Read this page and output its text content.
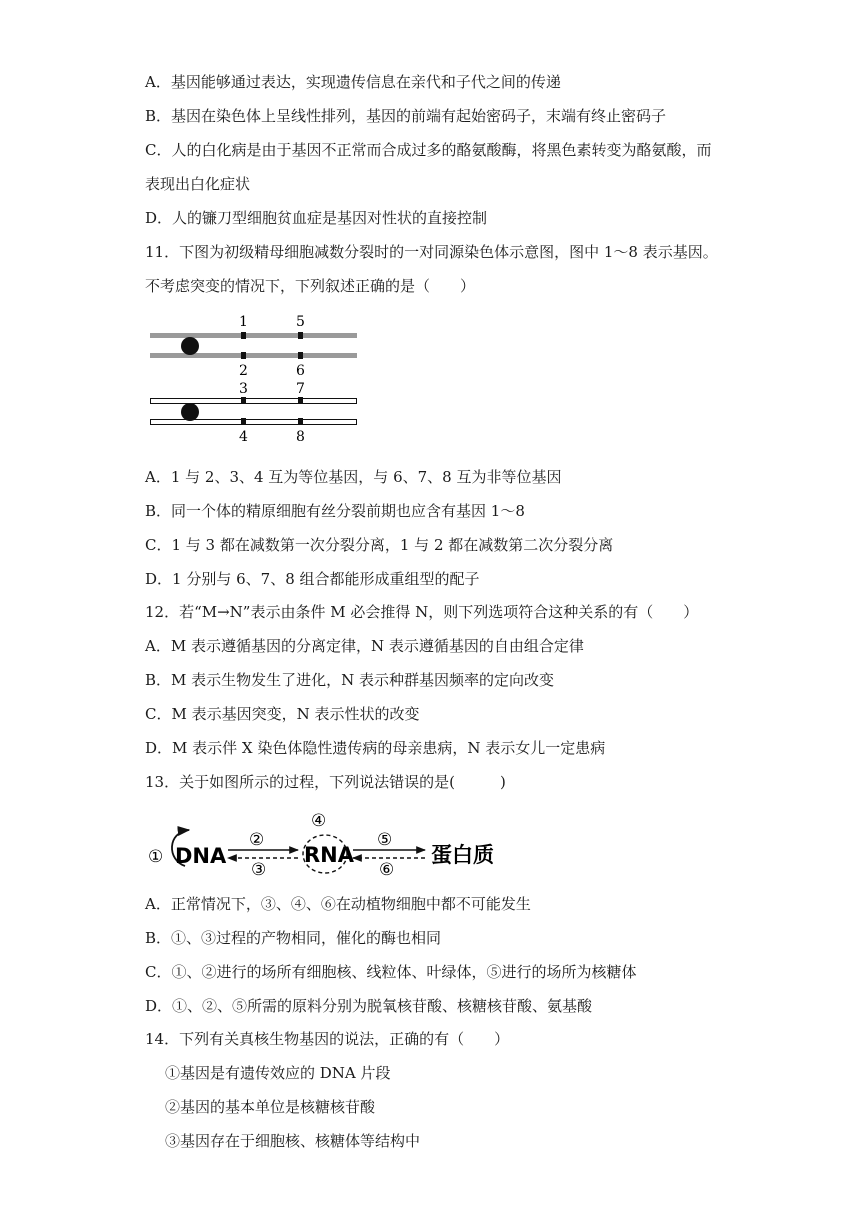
A．基因能够通过表达，实现遗传信息在亲代和子代之间的传递
B．基因在染色体上呈线性排列，基因的前端有起始密码子，末端有终止密码子
C．人的白化病是由于基因不正常而合成过多的酪氨酸酶，将黑色素转变为酪氨酸，而
表现出白化症状
D．人的镰刀型细胞贫血症是基因对性状的直接控制
11．下图为初级精母细胞减数分裂时的一对同源染色体示意图，图中 1～8 表示基因。
不考虑突变的情况下，下列叙述正确的是（　　）
1
2
3
4
5
6
7
8
A．1 与 2、3、4 互为等位基因，与 6、7、8 互为非等位基因
B．同一个体的精原细胞有丝分裂前期也应含有基因 1～8
C．1 与 3 都在减数第一次分裂分离，1 与 2 都在减数第二次分裂分离
D．1 分别与 6、7、8 组合都能形成重组型的配子
12．若“M→N”表示由条件 M 必会推得 N，则下列选项符合这种关系的有（　　）
A．M 表示遵循基因的分离定律，N 表示遵循基因的自由组合定律
B．M 表示生物发生了进化，N 表示种群基因频率的定向改变
C．M 表示基因突变，N 表示性状的改变
D．M 表示伴 X 染色体隐性遗传病的母亲患病，N 表示女儿一定患病
13．关于如图所示的过程，下列说法错误的是(　　　)
① DNA
②
③
④
RNA
⑤
⑥
蛋白质
A．正常情况下，③、④、⑥在动植物细胞中都不可能发生
B．①、③过程的产物相同，催化的酶也相同
C．①、②进行的场所有细胞核、线粒体、叶绿体，⑤进行的场所为核糖体
D．①、②、⑤所需的原料分别为脱氧核苷酸、核糖核苷酸、氨基酸
14．下列有关真核生物基因的说法，正确的有（　　）
①基因是有遗传效应的 DNA 片段
②基因的基本单位是核糖核苷酸
③基因存在于细胞核、核糖体等结构中
